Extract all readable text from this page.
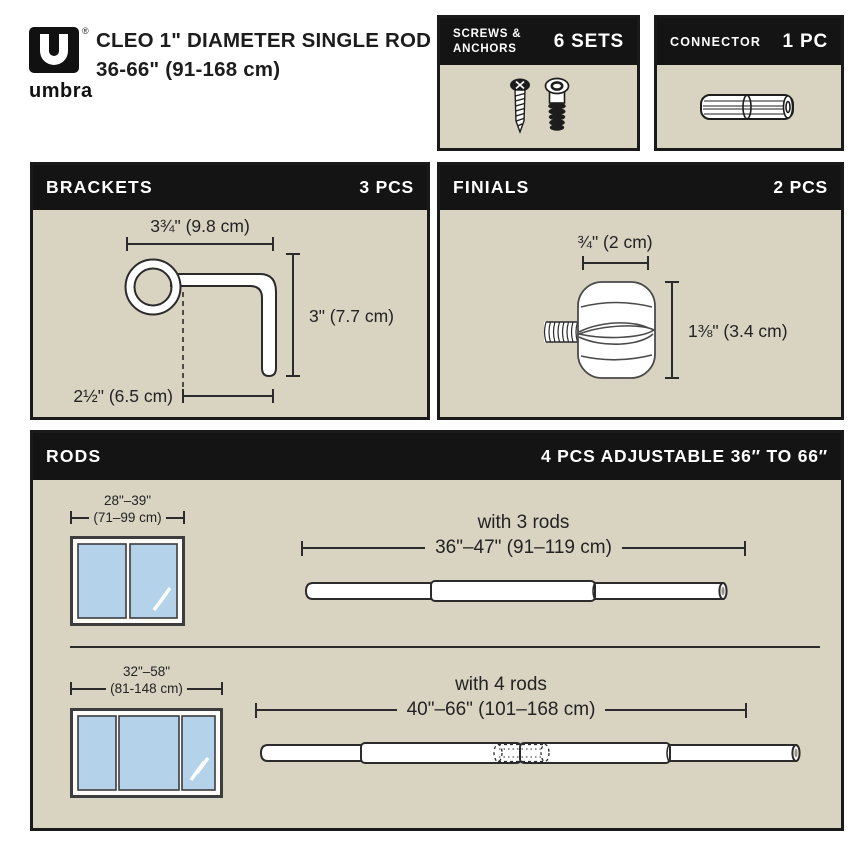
®
umbra
CLEO 1" DIAMETER SINGLE ROD
36-66" (91-168 cm)
SCREWS &
ANCHORS 6 SETS	CONNECTOR 1 PC
BRACKETS	3 PCS
3¾" (9.8 cm)
3" (7.7 cm)
2½" (6.5 cm)
FINIALS	2 PCS
¾" (2 cm)
1⅜" (3.4 cm)
RODS	4 PCS ADJUSTABLE 36″ TO 66″
28"–39"
(71–99 cm)	with 3 rods
36"–47" (91–119 cm)
32"–58"
(81-148 cm)	with 4 rods
40"–66" (101–168 cm)
